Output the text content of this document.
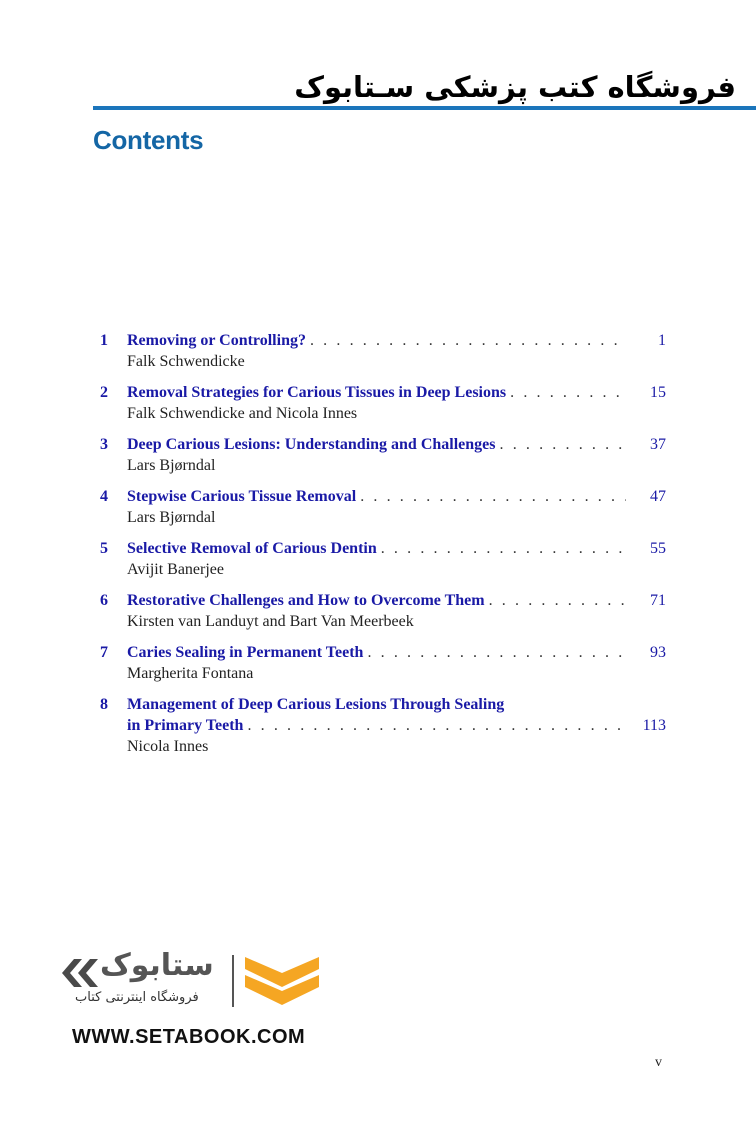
فروشگاه کتب پزشکی سـتابوک
Contents
1 Removing or Controlling? . . .	1
Falk Schwendicke
2 Removal Strategies for Carious Tissues in Deep Lesions . . .	15
Falk Schwendicke and Nicola Innes
3 Deep Carious Lesions: Understanding and Challenges . . .	37
Lars Bjørndal
4 Stepwise Carious Tissue Removal . . .	47
Lars Bjørndal
5 Selective Removal of Carious Dentin . . .	55
Avijit Banerjee
6 Restorative Challenges and How to Overcome Them . . .	71
Kirsten van Landuyt and Bart Van Meerbeek
7 Caries Sealing in Permanent Teeth . . .	93
Margherita Fontana
8 Management of Deep Carious Lesions Through Sealing
in Primary Teeth . . .	113
Nicola Innes
ستابوک
فروشگاه اینترنتی کتاب
WWW.SETABOOK.COM
v
